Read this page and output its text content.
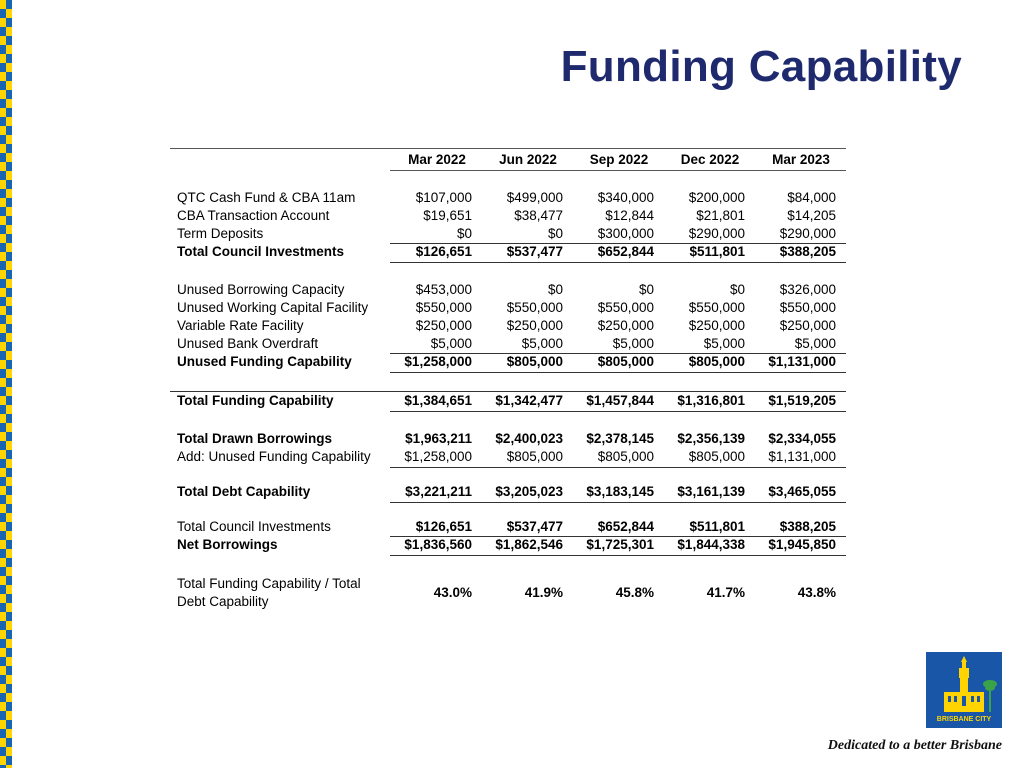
Funding Capability
Mar 2022	Jun 2022	Sep 2022	Dec 2022	Mar 2023
QTC Cash Fund & CBA 11am	$107,000	$499,000	$340,000	$200,000	$84,000
CBA Transaction Account	$19,651	$38,477	$12,844	$21,801	$14,205
Term Deposits	$0	$0	$300,000	$290,000	$290,000
Total Council Investments	$126,651	$537,477	$652,844	$511,801	$388,205
Unused Borrowing Capacity	$453,000	$0	$0	$0	$326,000
Unused Working Capital Facility	$550,000	$550,000	$550,000	$550,000	$550,000
Variable Rate Facility	$250,000	$250,000	$250,000	$250,000	$250,000
Unused Bank Overdraft	$5,000	$5,000	$5,000	$5,000	$5,000
Unused Funding Capability	$1,258,000	$805,000	$805,000	$805,000	$1,131,000
Total Funding Capability	$1,384,651	$1,342,477	$1,457,844	$1,316,801	$1,519,205
Total Drawn Borrowings	$1,963,211	$2,400,023	$2,378,145	$2,356,139	$2,334,055
Add: Unused Funding Capability	$1,258,000	$805,000	$805,000	$805,000	$1,131,000
Total Debt Capability	$3,221,211	$3,205,023	$3,183,145	$3,161,139	$3,465,055
Total Council Investments	$126,651	$537,477	$652,844	$511,801	$388,205
Net Borrowings	$1,836,560	$1,862,546	$1,725,301	$1,844,338	$1,945,850
Total Funding Capability / Total
Debt Capability
43.0%	41.9%	45.8%	41.7%	43.8%
BRISBANE CITY
Dedicated to a better Brisbane
